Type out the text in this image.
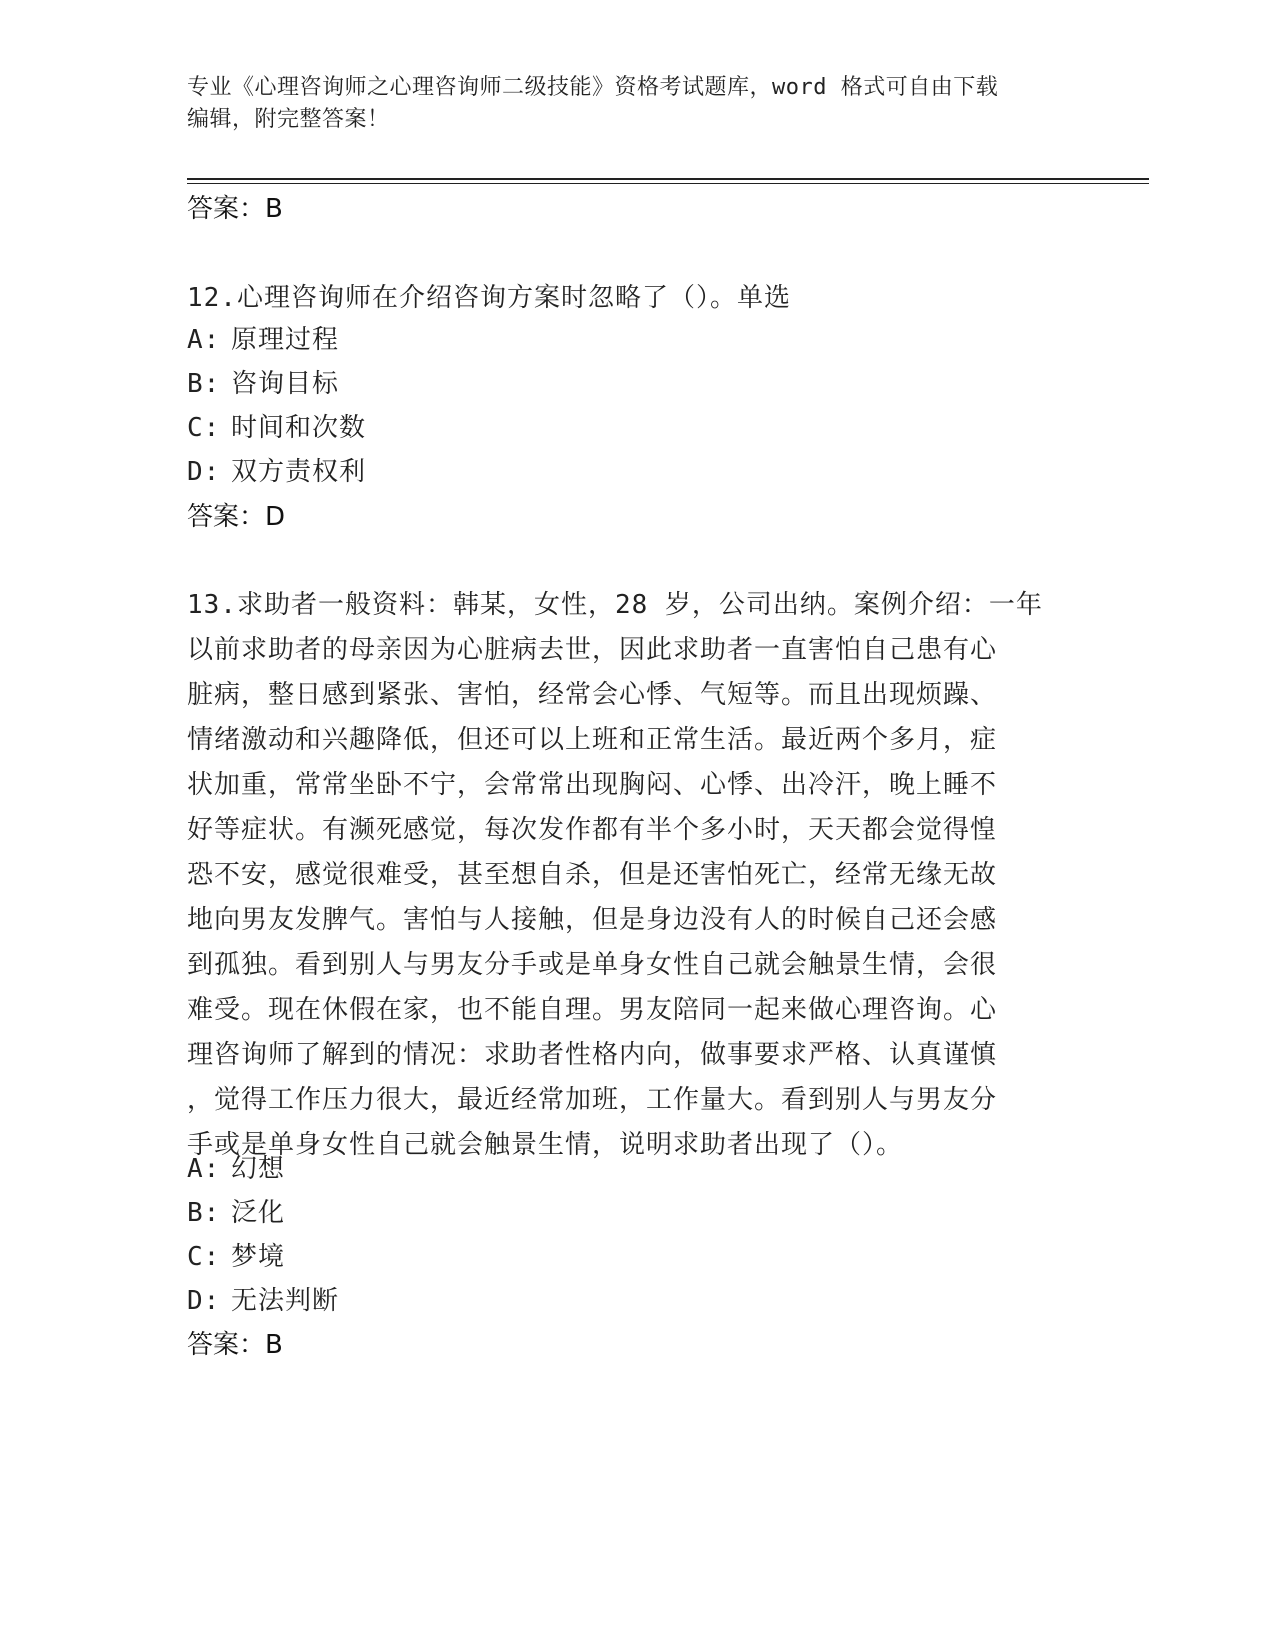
专业《心理咨询师之心理咨询师二级技能》资格考试题库，word 格式可自由下载
编辑，附完整答案！
答案：B
12.心理咨询师在介绍咨询方案时忽略了（）。单选
A: 原理过程
B: 咨询目标
C: 时间和次数
D: 双方责权利
答案：D
13.求助者一般资料：韩某，女性，28 岁，公司出纳。案例介绍：一年
以前求助者的母亲因为心脏病去世，因此求助者一直害怕自己患有心
脏病，整日感到紧张、害怕，经常会心悸、气短等。而且出现烦躁、
情绪激动和兴趣降低，但还可以上班和正常生活。最近两个多月，症
状加重，常常坐卧不宁，会常常出现胸闷、心悸、出冷汗，晚上睡不
好等症状。有濒死感觉，每次发作都有半个多小时，天天都会觉得惶
恐不安，感觉很难受，甚至想自杀，但是还害怕死亡，经常无缘无故
地向男友发脾气。害怕与人接触，但是身边没有人的时候自己还会感
到孤独。看到别人与男友分手或是单身女性自己就会触景生情，会很
难受。现在休假在家，也不能自理。男友陪同一起来做心理咨询。心
理咨询师了解到的情况：求助者性格内向，做事要求严格、认真谨慎
，觉得工作压力很大，最近经常加班，工作量大。看到别人与男友分
手或是单身女性自己就会触景生情，说明求助者出现了（）。
A: 幻想
B: 泛化
C: 梦境
D: 无法判断
答案：B
